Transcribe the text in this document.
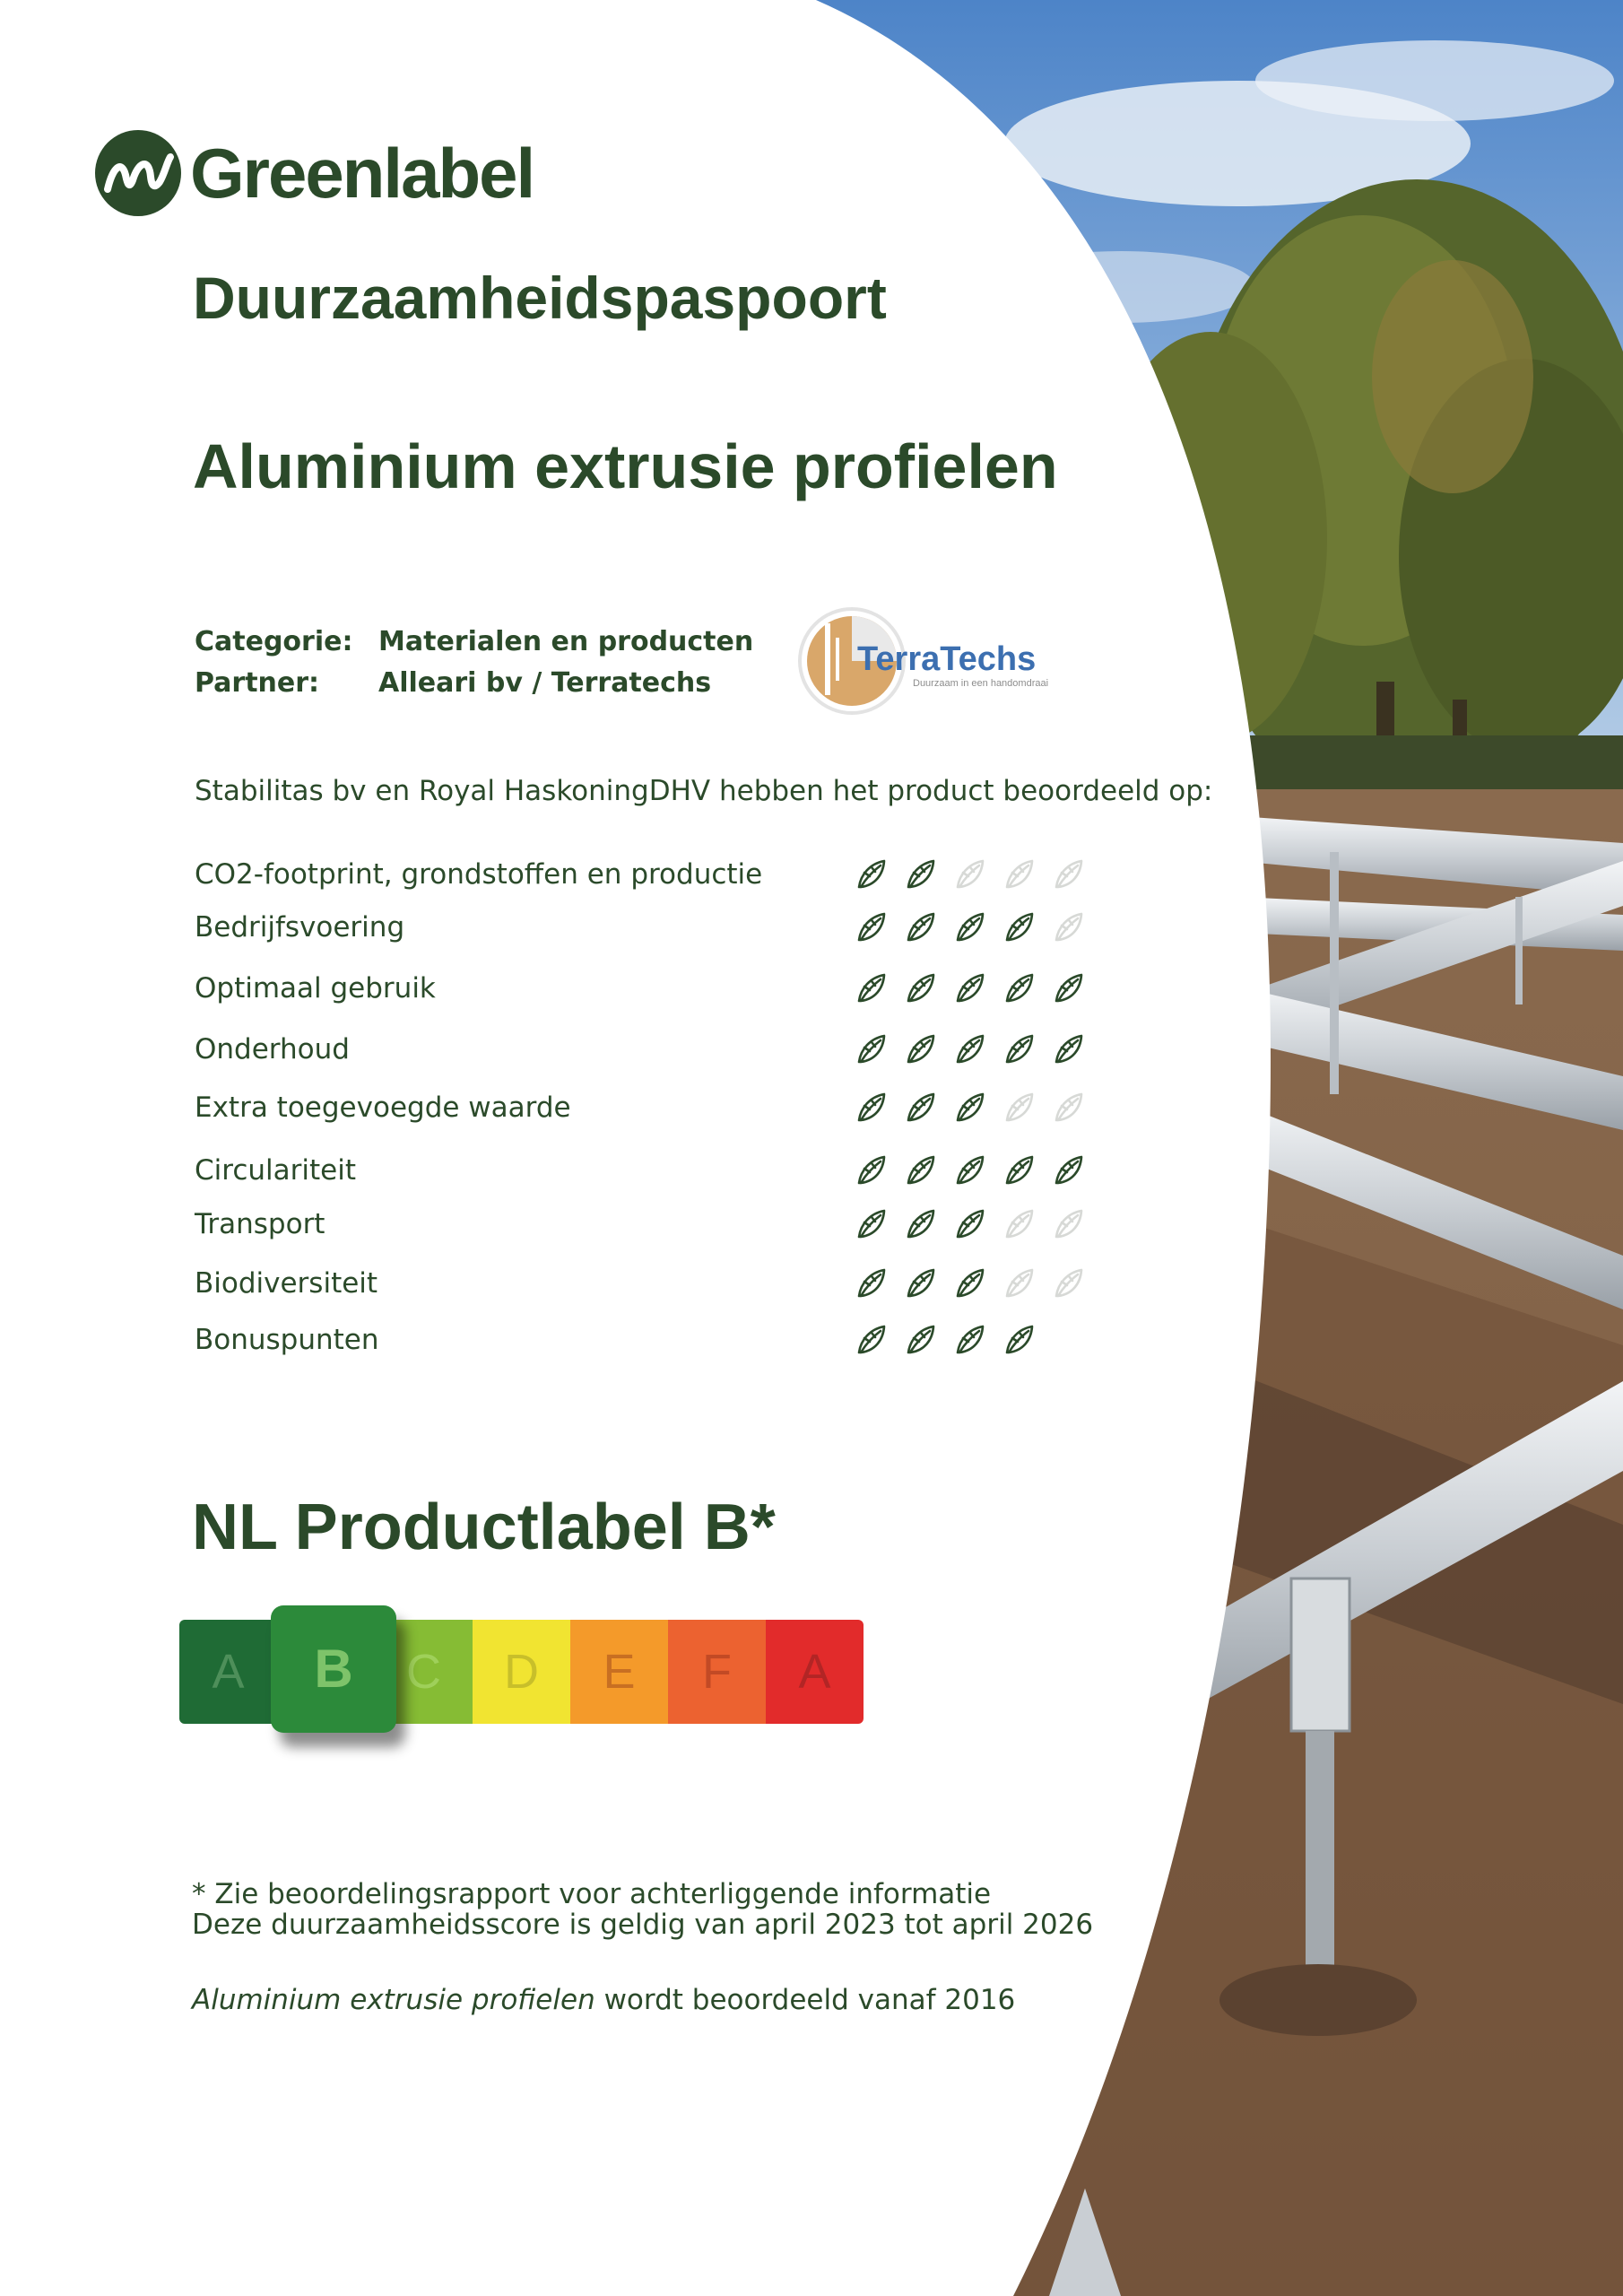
Greenlabel
Duurzaamheidspaspoort
Aluminium extrusie profielen
Categorie: Materialen en producten
Partner: Alleari bv / Terratechs
TerraTechs
Duurzaam in een handomdraai
Stabilitas bv en Royal HaskoningDHV hebben het product beoordeeld op:
CO2-footprint, grondstoffen en productie
Bedrijfsvoering
Optimaal gebruik
Onderhoud
Extra toegevoegde waarde
Circulariteit
Transport
Biodiversiteit
Bonuspunten
NL Productlabel B*
A	C	D	E	F	A
B
* Zie beoordelingsrapport voor achterliggende informatie
Deze duurzaamheidsscore is geldig van april 2023 tot april 2026
Aluminium extrusie profielen wordt beoordeeld vanaf 2016
